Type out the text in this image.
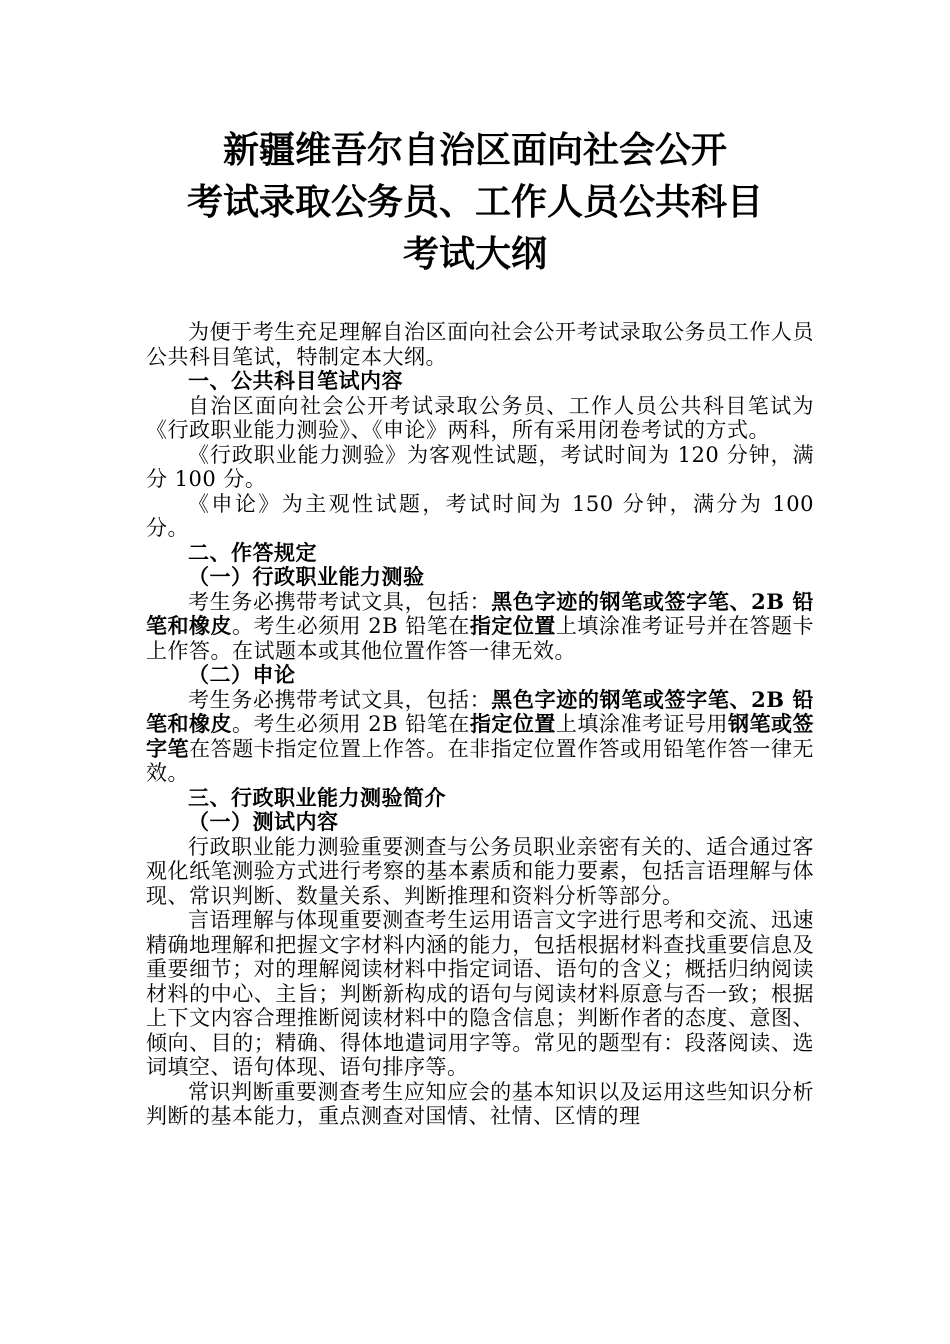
新疆维吾尔自治区面向社会公开
考试录取公务员、工作人员公共科目
考试大纲

为便于考生充足理解自治区面向社会公开考试录取公务员工作人员公共科目笔试，特制定本大纲。

一、公共科目笔试内容

自治区面向社会公开考试录取公务员、工作人员公共科目笔试为《行政职业能力测验》、《申论》两科，所有采用闭卷考试的方式。

《行政职业能力测验》为客观性试题，考试时间为 120 分钟，满分 100 分。

《申论》为主观性试题，考试时间为 150 分钟，满分为 100 分。

二、作答规定

（一）行政职业能力测验

考生务必携带考试文具，包括：黑色字迹的钢笔或签字笔、2B 铅笔和橡皮。考生必须用 2B 铅笔在指定位置上填涂准考证号并在答题卡上作答。在试题本或其他位置作答一律无效。

（二）申论

考生务必携带考试文具，包括：黑色字迹的钢笔或签字笔、2B 铅笔和橡皮。考生必须用 2B 铅笔在指定位置上填涂准考证号用钢笔或签字笔在答题卡指定位置上作答。在非指定位置作答或用铅笔作答一律无效。

三、行政职业能力测验简介

（一）测试内容

行政职业能力测验重要测查与公务员职业亲密有关的、适合通过客观化纸笔测验方式进行考察的基本素质和能力要素，包括言语理解与体现、常识判断、数量关系、判断推理和资料分析等部分。

言语理解与体现重要测查考生运用语言文字进行思考和交流、迅速精确地理解和把握文字材料内涵的能力，包括根据材料查找重要信息及重要细节；对的理解阅读材料中指定词语、语句的含义；概括归纳阅读材料的中心、主旨；判断新构成的语句与阅读材料原意与否一致；根据上下文内容合理推断阅读材料中的隐含信息；判断作者的态度、意图、倾向、目的；精确、得体地遣词用字等。常见的题型有：段落阅读、选词填空、语句体现、语句排序等。

常识判断重要测查考生应知应会的基本知识以及运用这些知识分析判断的基本能力，重点测查对国情、社情、区情的理
